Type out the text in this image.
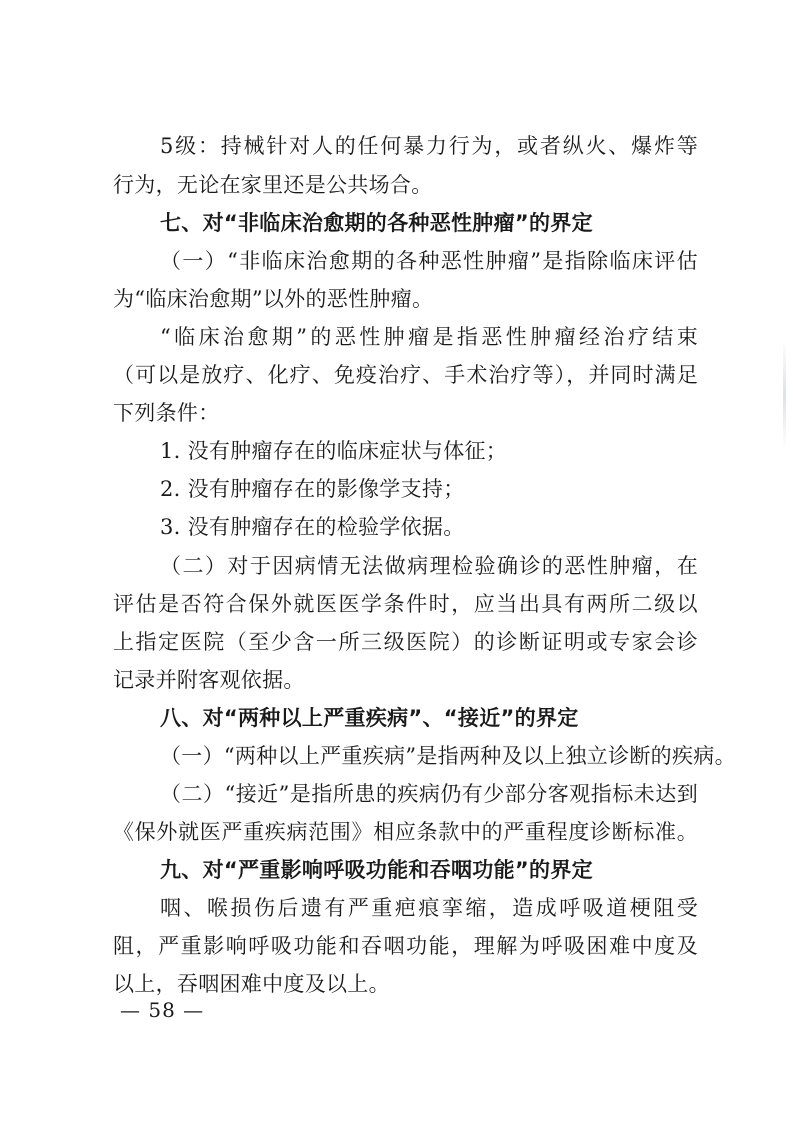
5级：持械针对人的任何暴力行为，或者纵火、爆炸等
行为，无论在家里还是公共场合。
七、对“非临床治愈期的各种恶性肿瘤”的界定
（一）“非临床治愈期的各种恶性肿瘤”是指除临床评估
为“临床治愈期”以外的恶性肿瘤。
“临床治愈期”的恶性肿瘤是指恶性肿瘤经治疗结束
（可以是放疗、化疗、免疫治疗、手术治疗等），并同时满足
下列条件：
1. 没有肿瘤存在的临床症状与体征；
2. 没有肿瘤存在的影像学支持；
3. 没有肿瘤存在的检验学依据。
（二）对于因病情无法做病理检验确诊的恶性肿瘤，在
评估是否符合保外就医医学条件时，应当出具有两所二级以
上指定医院（至少含一所三级医院）的诊断证明或专家会诊
记录并附客观依据。
八、对“两种以上严重疾病”、“接近”的界定
（一）“两种以上严重疾病”是指两种及以上独立诊断的疾病。
（二）“接近”是指所患的疾病仍有少部分客观指标未达到
《保外就医严重疾病范围》相应条款中的严重程度诊断标准。
九、对“严重影响呼吸功能和吞咽功能”的界定
咽、喉损伤后遗有严重疤痕挛缩，造成呼吸道梗阻受
阻，严重影响呼吸功能和吞咽功能，理解为呼吸困难中度及
以上，吞咽困难中度及以上。
— 58 —
